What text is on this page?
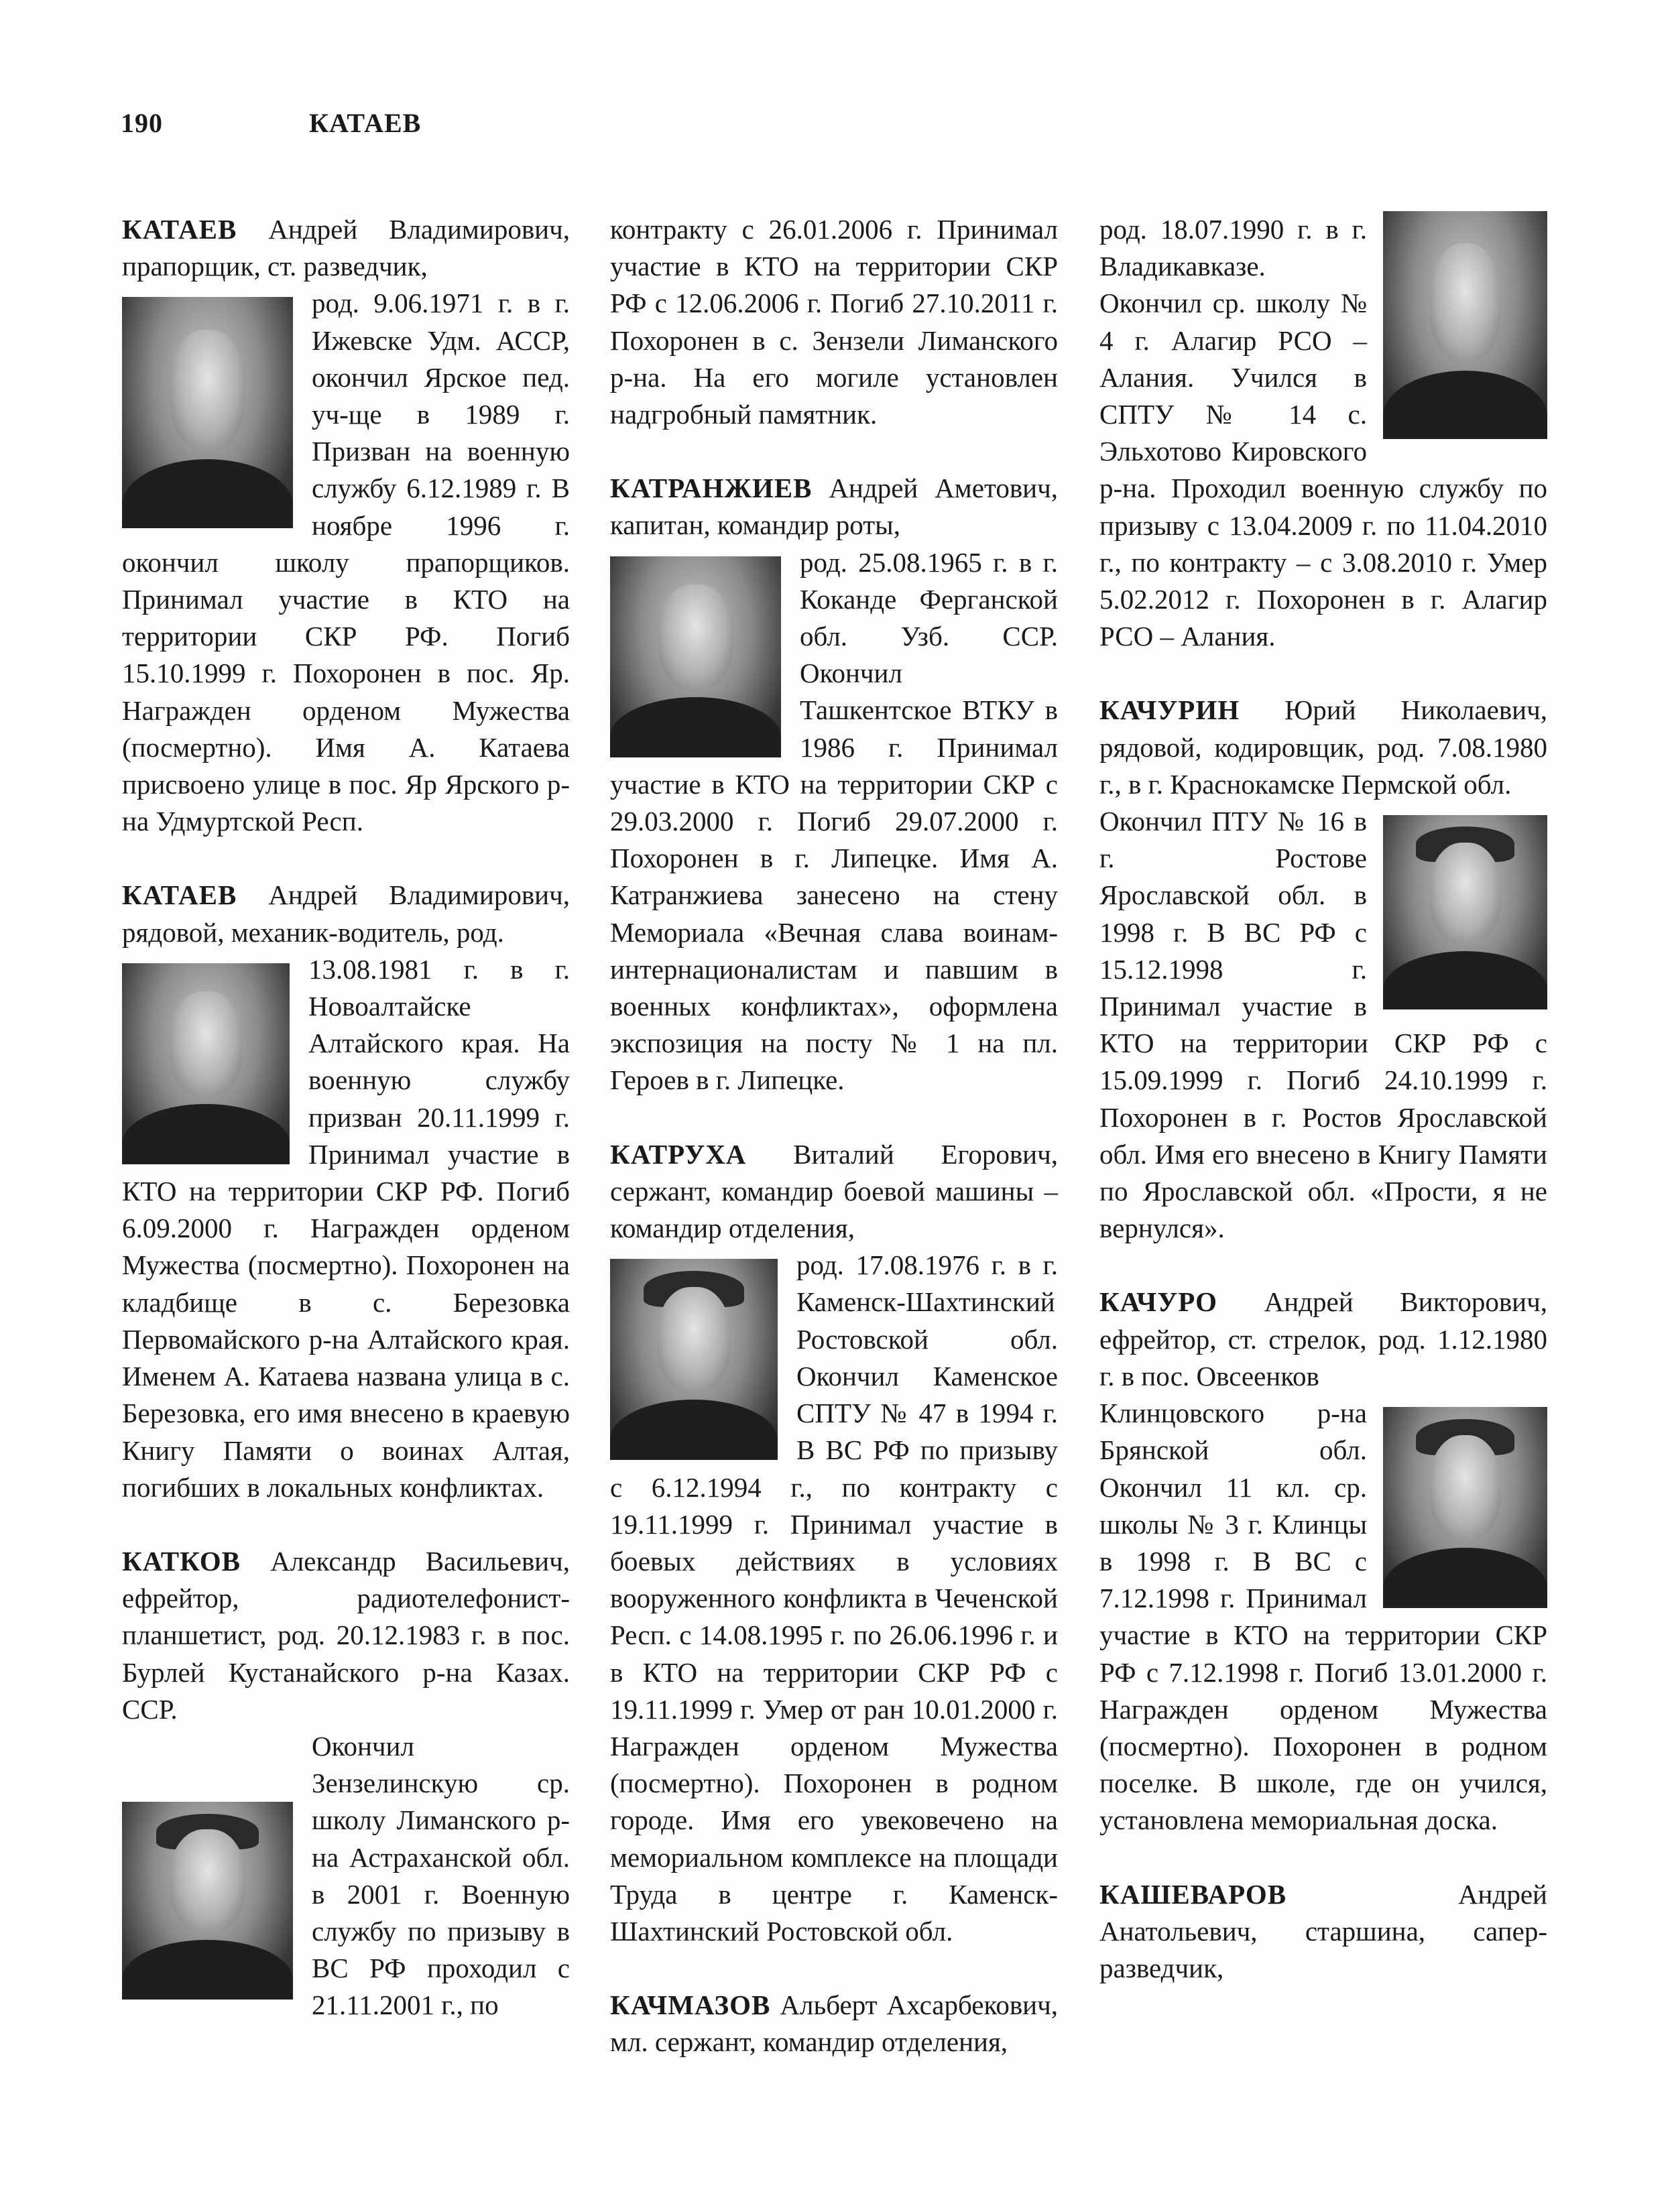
190	КАТАЕВ

КАТАЕВ Андрей Владимирович, прапорщик, ст. разведчик,

род. 9.06.1971 г. в г. Ижевске Удм. АССР, окончил Ярское пед. уч-ще в 1989 г. Призван на военную службу 6.12.1989 г. В ноябре 1996 г. окончил школу прапорщиков. Принимал участие в КТО на территории СКР РФ. Погиб 15.10.1999 г. Похоронен в пос. Яр. Награжден орденом Мужества (посмертно). Имя А. Катаева присвоено улице в пос. Яр Ярского р-на Удмуртской Респ.

КАТАЕВ Андрей Владимирович, рядовой, механик-водитель, род.

13.08.1981 г. в г. Новоалтайске Алтайского края. На военную службу призван 20.11.1999 г. Принимал участие в КТО на территории СКР РФ. Погиб 6.09.2000 г. Награжден орденом Мужества (посмертно). Похоронен на кладбище в с. Березовка Первомайского р-на Алтайского края. Именем А. Катаева названа улица в с. Березовка, его имя внесено в краевую Книгу Памяти о воинах Алтая, погибших в локальных конфликтах.

КАТКОВ Александр Васильевич, ефрейтор, радиотелефонист-планшетист, род. 20.12.1983 г. в пос. Бурлей Кустанайского р-на Казах. ССР.

Окончил Зензелинскую ср. школу Лиманского р-на Астраханской обл. в 2001 г. Военную службу по призыву в ВС РФ проходил с 21.11.2001 г., по

контракту с 26.01.2006 г. Принимал участие в КТО на территории СКР РФ с 12.06.2006 г. Погиб 27.10.2011 г. Похоронен в с. Зензели Лиманского р-на. На его могиле установлен надгробный памятник.

КАТРАНЖИЕВ Андрей Аметович, капитан, командир роты,

род. 25.08.1965 г. в г. Коканде Ферганской обл. Узб. ССР. Окончил Ташкентское ВТКУ в 1986 г. Принимал участие в КТО на территории СКР с 29.03.2000 г. Погиб 29.07.2000 г. Похоронен в г. Липецке. Имя А. Катранжиева занесено на стену Мемориала «Вечная слава воинам-интернационалистам и павшим в военных конфликтах», оформлена экспозиция на посту № 1 на пл. Героев в г. Липецке.

КАТРУХА Виталий Егорович, сержант, командир боевой машины – командир отделения,

род. 17.08.1976 г. в г. Каменск-Шахтинский Ростовской обл. Окончил Каменское СПТУ № 47 в 1994 г. В ВС РФ по призыву с 6.12.1994 г., по контракту с 19.11.1999 г. Принимал участие в боевых действиях в условиях вооруженного конфликта в Чеченской Респ. с 14.08.1995 г. по 26.06.1996 г. и в КТО на территории СКР РФ с 19.11.1999 г. Умер от ран 10.01.2000 г. Награжден орденом Мужества (посмертно). Похоронен в родном городе. Имя его увековечено на мемориальном комплексе на площади Труда в центре г. Каменск-Шахтинский Ростовской обл.

КАЧМАЗОВ Альберт Ахсарбекович, мл. сержант, командир отделения,

род. 18.07.1990 г. в г. Владикавказе. Окончил ср. школу № 4 г. Алагир РСО – Алания. Учился в СПТУ № 14 с. Эльхотово Кировского р-на. Проходил военную службу по призыву с 13.04.2009 г. по 11.04.2010 г., по контракту – с 3.08.2010 г. Умер 5.02.2012 г. Похоронен в г. Алагир РСО – Алания.

КАЧУРИН Юрий Николаевич, рядовой, кодировщик, род. 7.08.1980 г., в г. Краснокамске Пермской обл.

Окончил ПТУ № 16 в г. Ростове Ярославской обл. в 1998 г. В ВС РФ с 15.12.1998 г. Принимал участие в КТО на территории СКР РФ с 15.09.1999 г. Погиб 24.10.1999 г. Похоронен в г. Ростов Ярославской обл. Имя его внесено в Книгу Памяти по Ярославской обл. «Прости, я не вернулся».

КАЧУРО Андрей Викторович, ефрейтор, ст. стрелок, род. 1.12.1980 г. в пос. Овсеенков

Клинцовского р-на Брянской обл. Окончил 11 кл. ср. школы № 3 г. Клинцы в 1998 г. В ВС с 7.12.1998 г. Принимал участие в КТО на территории СКР РФ с 7.12.1998 г. Погиб 13.01.2000 г. Награжден орденом Мужества (посмертно). Похоронен в родном поселке. В школе, где он учился, установлена мемориальная доска.

КАШЕВАРОВ Андрей Анатольевич, старшина, сапер-разведчик,
